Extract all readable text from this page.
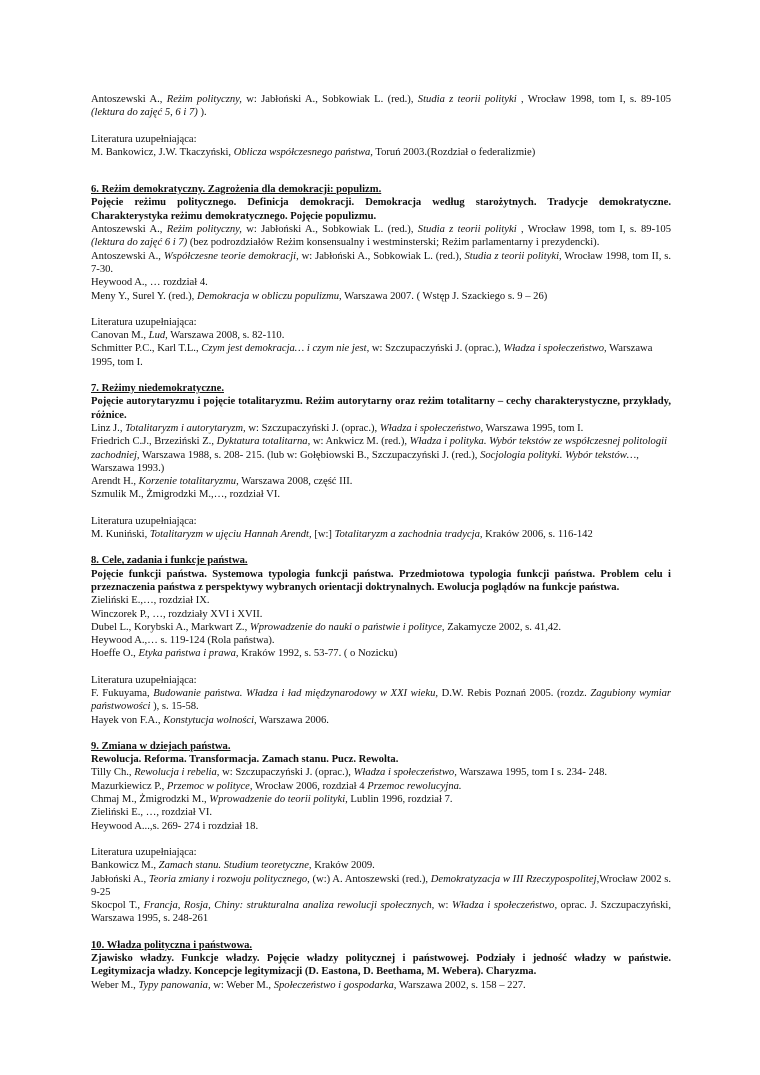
Antoszewski A., Reżim polityczny, w: Jabłoński A., Sobkowiak L. (red.), Studia z teorii polityki , Wrocław 1998, tom I, s. 89-105 (lektura do zajęć 5, 6 i 7) ).

Literatura uzupełniająca:

M. Bankowicz, J.W. Tkaczyński, Oblicza współczesnego państwa, Toruń 2003.(Rozdział o federalizmie)

6. Reżim demokratyczny. Zagrożenia dla demokracji: populizm.

Pojęcie reżimu politycznego. Definicja demokracji. Demokracja według starożytnych. Tradycje demokratyczne. Charakterystyka reżimu demokratycznego. Pojęcie populizmu.

Antoszewski A., Reżim polityczny, w: Jabłoński A., Sobkowiak L. (red.), Studia z teorii polityki , Wrocław 1998, tom I, s. 89-105 (lektura do zajęć 6 i 7) (bez podrozdziałów Reżim konsensualny i westminsterski; Reżim parlamentarny i prezydencki).

Antoszewski A., Współczesne teorie demokracji, w: Jabłoński A., Sobkowiak L. (red.), Studia z teorii polityki, Wrocław 1998, tom II, s. 7-30.

Heywood A., … rozdział 4.

Meny Y., Surel Y. (red.), Demokracja w obliczu populizmu, Warszawa 2007. ( Wstęp J. Szackiego s. 9 – 26)

Literatura uzupełniająca:

Canovan M., Lud, Warszawa 2008, s. 82-110.

Schmitter P.C., Karl T.L., Czym jest demokracja… i czym nie jest, w: Szczupaczyński J. (oprac.), Władza i społeczeństwo, Warszawa 1995, tom I.

7. Reżimy niedemokratyczne.

Pojęcie autorytaryzmu i pojęcie totalitaryzmu. Reżim autorytarny oraz reżim totalitarny – cechy charakterystyczne, przykłady, różnice.

Linz J., Totalitaryzm i autorytaryzm, w: Szczupaczyński J. (oprac.), Władza i społeczeństwo, Warszawa 1995, tom I.

Friedrich C.J., Brzeziński Z., Dyktatura totalitarna, w: Ankwicz M. (red.), Władza i polityka. Wybór tekstów ze współczesnej politologii zachodniej, Warszawa 1988, s. 208- 215. (lub w: Gołębiowski B., Szczupaczyński J. (red.), Socjologia polityki. Wybór tekstów…, Warszawa 1993.)

Arendt H., Korzenie totalitaryzmu, Warszawa 2008, część III.

Szmulik M., Żmigrodzki M.,…, rozdział VI.

Literatura uzupełniająca:

M. Kuniński, Totalitaryzm w ujęciu Hannah Arendt, [w:] Totalitaryzm a zachodnia tradycja, Kraków 2006, s. 116-142

8. Cele, zadania i funkcje państwa.

Pojęcie funkcji państwa. Systemowa typologia funkcji państwa. Przedmiotowa typologia funkcji państwa. Problem celu i przeznaczenia państwa z perspektywy wybranych orientacji doktrynalnych. Ewolucja poglądów na funkcje państwa.

Zieliński E.,…, rozdział IX.

Winczorek P., …, rozdziały XVI i XVII.

Dubel L., Korybski A., Markwart Z., Wprowadzenie do nauki o państwie i polityce, Zakamycze 2002, s. 41,42.

Heywood A.,… s. 119-124 (Rola państwa).

Hoeffe O., Etyka państwa i prawa, Kraków 1992, s. 53-77. ( o Nozicku)

Literatura uzupełniająca:

F. Fukuyama, Budowanie państwa. Władza i ład międzynarodowy w XXI wieku, D.W. Rebis Poznań 2005. (rozdz. Zagubiony wymiar państwowości ), s. 15-58.

Hayek von F.A., Konstytucja wolności, Warszawa 2006.

9. Zmiana w dziejach państwa.

Rewolucja. Reforma. Transformacja. Zamach stanu. Pucz. Rewolta.

Tilly Ch., Rewolucja i rebelia, w: Szczupaczyński J. (oprac.), Władza i społeczeństwo, Warszawa 1995, tom I s. 234- 248.

Mazurkiewicz P., Przemoc w polityce, Wrocław 2006, rozdział 4 Przemoc rewolucyjna.

Chmaj M., Żmigrodzki M., Wprowadzenie do teorii polityki, Lublin 1996, rozdział 7.

Zieliński E., …, rozdział VI.

Heywood A...,s. 269- 274 i rozdział 18.

Literatura uzupełniająca:

Bankowicz M., Zamach stanu. Studium teoretyczne, Kraków 2009.

Jabłoński A., Teoria zmiany i rozwoju politycznego, (w:) A. Antoszewski (red.), Demokratyzacja w III Rzeczypospolitej,Wrocław 2002 s. 9-25

Skocpol T., Francja, Rosja, Chiny: strukturalna analiza rewolucji społecznych, w: Władza i społeczeństwo, oprac. J. Szczupaczyński, Warszawa 1995, s. 248-261

10. Władza polityczna i państwowa.

Zjawisko władzy. Funkcje władzy. Pojęcie władzy politycznej i państwowej. Podziały i jedność władzy w państwie. Legitymizacja władzy. Koncepcje legitymizacji (D. Eastona, D. Beethama, M. Webera). Charyzma.

Weber M., Typy panowania, w: Weber M., Społeczeństwo i gospodarka, Warszawa 2002, s. 158 – 227.
